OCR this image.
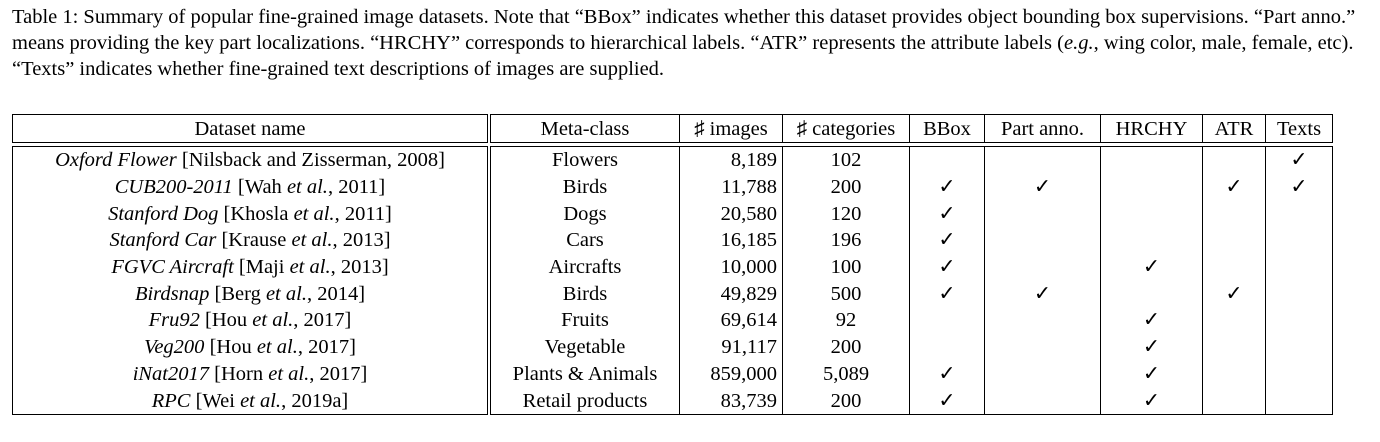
Table 1: Summary of popular fine-grained image datasets. Note that “BBox” indicates whether this dataset provides object bounding box supervisions. “Part anno.” means providing the key part localizations. “HRCHY” corresponds to hierarchical labels. “ATR” represents the attribute labels (e.g., wing color, male, female, etc). “Texts” indicates whether fine-grained text descriptions of images are supplied.
Dataset name	Meta-class	♯ images	♯ categories	BBox	Part anno.	HRCHY	ATR	Texts

Oxford Flower [Nilsback and Zisserman, 2008]	Flowers	8,189	102					✓
CUB200-2011 [Wah et al., 2011]	Birds	11,788	200	✓	✓		✓	✓
Stanford Dog [Khosla et al., 2011]	Dogs	20,580	120	✓				
Stanford Car [Krause et al., 2013]	Cars	16,185	196	✓				
FGVC Aircraft [Maji et al., 2013]	Aircrafts	10,000	100	✓		✓		
Birdsnap [Berg et al., 2014]	Birds	49,829	500	✓	✓		✓	
Fru92 [Hou et al., 2017]	Fruits	69,614	92			✓		
Veg200 [Hou et al., 2017]	Vegetable	91,117	200			✓		
iNat2017 [Horn et al., 2017]	Plants & Animals	859,000	5,089	✓		✓		
RPC [Wei et al., 2019a]	Retail products	83,739	200	✓		✓		
